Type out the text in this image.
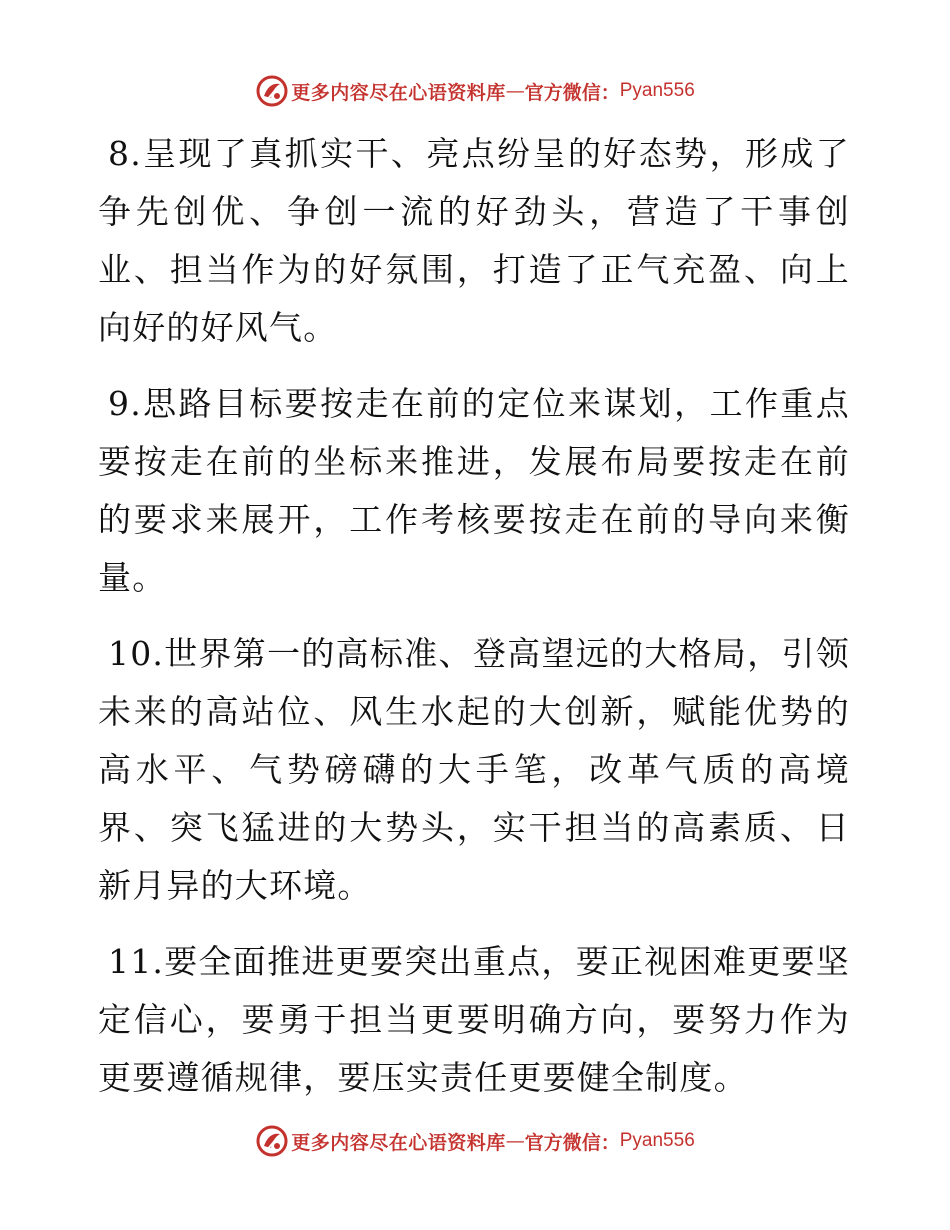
更多内容尽在心语资料库 — 官方微信： Pyan556

8.呈现了真抓实干、亮点纷呈的好态势，形成了争先创优、争创一流的好劲头，营造了干事创业、担当作为的好氛围，打造了正气充盈、向上向好的好风气。

9.思路目标要按走在前的定位来谋划，工作重点要按走在前的坐标来推进，发展布局要按走在前的要求来展开，工作考核要按走在前的导向来衡量。

10.世界第一的高标准、登高望远的大格局，引领未来的高站位、风生水起的大创新，赋能优势的高水平、气势磅礴的大手笔，改革气质的高境界、突飞猛进的大势头，实干担当的高素质、日新月异的大环境。

11.要全面推进更要突出重点，要正视困难更要坚定信心，要勇于担当更要明确方向，要努力作为更要遵循规律，要压实责任更要健全制度。

更多内容尽在心语资料库 — 官方微信： Pyan556
